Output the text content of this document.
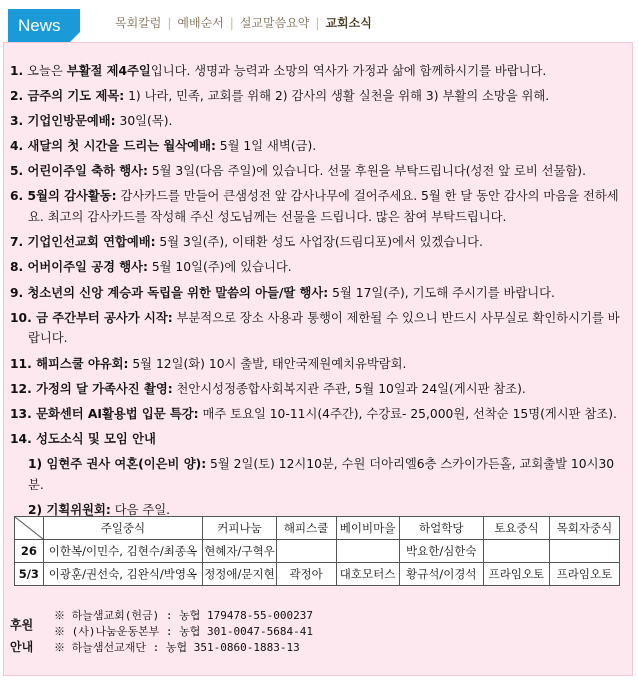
News	목회칼럼 | 예배순서 | 설교말씀요약 | 교회소식
1. 오늘은 부활절 제4주일입니다. 생명과 능력과 소망의 역사가 가정과 삶에 함께하시기를 바랍니다.
2. 금주의 기도 제목: 1) 나라, 민족, 교회를 위해 2) 감사의 생활 실천을 위해 3) 부활의 소망을 위해.
3. 기업인방문예배: 30일(목).
4. 새달의 첫 시간을 드리는 월삭예배: 5월 1일 새벽(금).
5. 어린이주일 축하 행사: 5월 3일(다음 주일)에 있습니다. 선물 후원을 부탁드립니다(성전 앞 로비 선물함).
6. 5월의 감사활동: 감사카드를 만들어 큰샘성전 앞 감사나무에 걸어주세요. 5월 한 달 동안 감사의 마음을 전하세요. 최고의 감사카드를 작성해 주신 성도님께는 선물을 드립니다. 많은 참여 부탁드립니다.
7. 기업인선교회 연합예배: 5월 3일(주), 이태환 성도 사업장(드림디포)에서 있겠습니다.
8. 어버이주일 공경 행사: 5월 10일(주)에 있습니다.
9. 청소년의 신앙 계승과 독립을 위한 말씀의 아들/딸 행사: 5월 17일(주), 기도해 주시기를 바랍니다.
10. 금 주간부터 공사가 시작: 부분적으로 장소 사용과 통행이 제한될 수 있으니 반드시 사무실로 확인하시기를 바랍니다.
11. 해피스쿨 야유회: 5월 12일(화) 10시 출발, 태안국제원예치유박람회.
12. 가정의 달 가족사진 촬영: 천안시성정종합사회복지관 주관, 5월 10일과 24일(게시판 참조).
13. 문화센터 AI활용법 입문 특강: 매주 토요일 10-11시(4주간), 수강료- 25,000원, 선착순 15명(게시판 참조).
14. 성도소식 및 모임 안내
1) 임현주 권사 여혼(이은비 양): 5월 2일(토) 12시10분, 수원 더아리엘6층 스카이가든홀, 교회출발 10시30분.
2) 기획위원회: 다음 주일.
	주일중식	커피나눔	해피스쿨	베이비마을	하얼학당	토요중식	목회자중식
26	이한복/이민수, 김현수/최종옥	현혜자/구혁우			박요한/심한숙		
5/3	이광훈/권선숙, 김완식/박영옥	정정애/문지현	곽정아	대호모터스	황규석/이경석	프라임오토	프라임오토
후원
안내
※ 하늘샘교회(헌금) : 농협 179478-55-000237
※ (사)나눔운동본부 : 농협 301-0047-5684-41
※ 하늘샘선교재단 : 농협 351-0860-1883-13
